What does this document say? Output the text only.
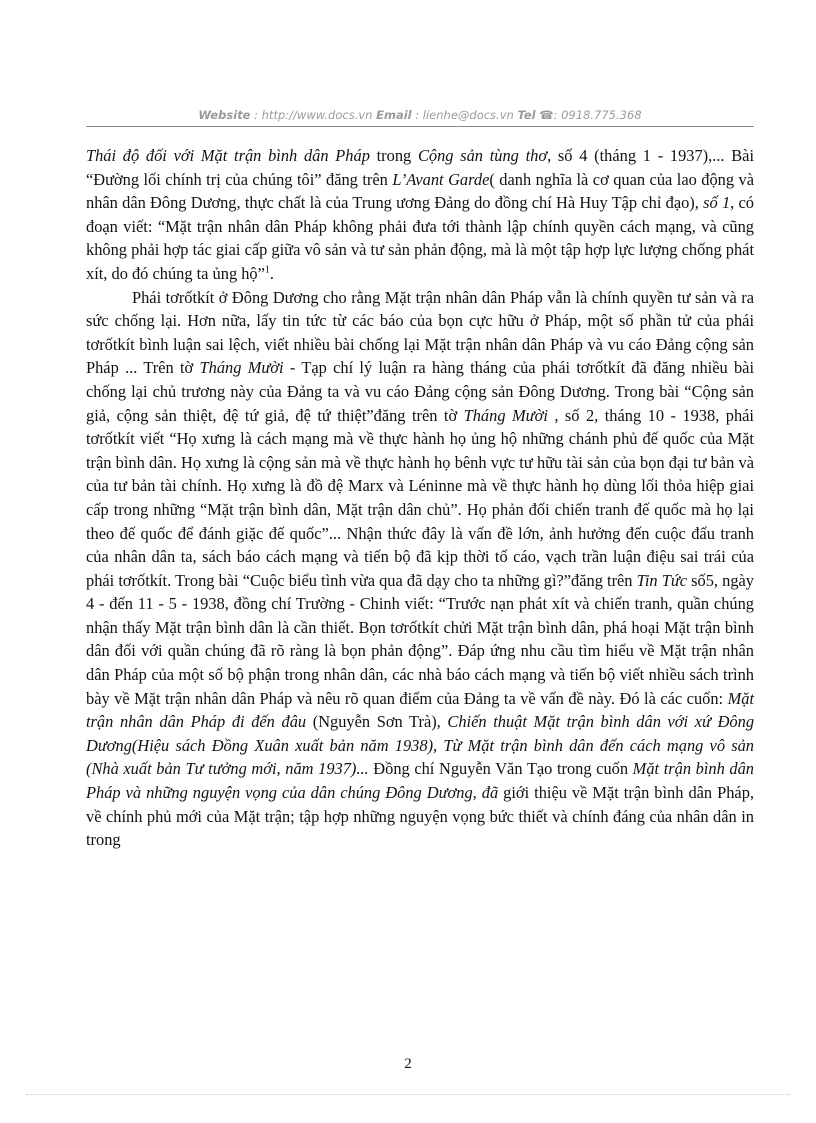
Website : http://www.docs.vn Email : lienhe@docs.vn Tel ☎: 0918.775.368

Thái độ đối với Mặt trận bình dân Pháp trong Cộng sản tùng thơ, số 4 (tháng 1 - 1937),... Bài “Đường lối chính trị của chúng tôi” đăng trên L’Avant Garde( danh nghĩa là cơ quan của lao động và nhân dân Đông Dương, thực chất là của Trung ương Đảng do đồng chí Hà Huy Tập chỉ đạo), số 1, có đoạn viết: “Mặt trận nhân dân Pháp không phải đưa tới thành lập chính quyền cách mạng, và cũng không phải hợp tác giai cấp giữa vô sản và tư sản phản động, mà là một tập hợp lực lượng chống phát xít, do đó chúng ta ủng hộ”$^1$.

Phái tơrốtkít ở Đông Dương cho rằng Mặt trận nhân dân Pháp vẫn là chính quyền tư sản và ra sức chống lại. Hơn nữa, lấy tin tức từ các báo của bọn cực hữu ở Pháp, một số phần tử của phái tơrốtkít bình luận sai lệch, viết nhiều bài chống lại Mặt trận nhân dân Pháp và vu cáo Đảng cộng sản Pháp ... Trên tờ Tháng Mười - Tạp chí lý luận ra hàng tháng của phái tơrốtkít đã đăng nhiều bài chống lại chủ trương này của Đảng ta và vu cáo Đảng cộng sản Đông Dương. Trong bài “Cộng sản giả, cộng sản thiệt, đệ tứ giả, đệ tứ thiệt”đăng trên tờ Tháng Mười , số 2, tháng 10 - 1938, phái tơrốtkít viết “Họ xưng là cách mạng mà về thực hành họ ủng hộ những chánh phủ đế quốc của Mặt trận bình dân. Họ xưng là cộng sản mà về thực hành họ bênh vực tư hữu tài sản của bọn đại tư bản và của tư bản tài chính. Họ xưng là đồ đệ Marx và Léninne mà về thực hành họ dùng lối thỏa hiệp giai cấp trong những “Mặt trận bình dân, Mặt trận dân chủ”. Họ phản đối chiến tranh đế quốc mà họ lại theo đế quốc để đánh giặc đế quốc”... Nhận thức đây là vấn đề lớn, ảnh hưởng đến cuộc đấu tranh của nhân dân ta, sách báo cách mạng và tiến bộ đã kịp thời tố cáo, vạch trần luận điệu sai trái của phái tơrốtkít. Trong bài “Cuộc biểu tình vừa qua đã dạy cho ta những gì?”đăng trên Tin Tức số5, ngày 4 - đến 11 - 5 - 1938, đồng chí Trường - Chinh viết: “Trước nạn phát xít và chiến tranh, quần chúng nhận thấy Mặt trận bình dân là cần thiết. Bọn tơrốtkít chửi Mặt trận bình dân, phá hoại Mặt trận bình dân đối với quần chúng đã rõ ràng là bọn phản động”. Đáp ứng nhu cầu tìm hiểu về Mặt trận nhân dân Pháp của một số bộ phận trong nhân dân, các nhà báo cách mạng và tiến bộ viết nhiều sách trình bày về Mặt trận nhân dân Pháp và nêu rõ quan điểm của Đảng ta về vấn đề này. Đó là các cuốn: Mặt trận nhân dân Pháp đi đến đâu (Nguyễn Sơn Trà), Chiến thuật Mặt trận bình dân với xứ Đông Dương(Hiệu sách Đồng Xuân xuất bản năm 1938), Từ Mặt trận bình dân đến cách mạng vô sản (Nhà xuất bản Tư tưởng mới, năm 1937)... Đồng chí Nguyễn Văn Tạo trong cuốn Mặt trận bình dân Pháp và những nguyện vọng của dân chúng Đông Dương, đã giới thiệu về Mặt trận bình dân Pháp, về chính phủ mới của Mặt trận; tập hợp những nguyện vọng bức thiết và chính đáng của nhân dân in trong

2
